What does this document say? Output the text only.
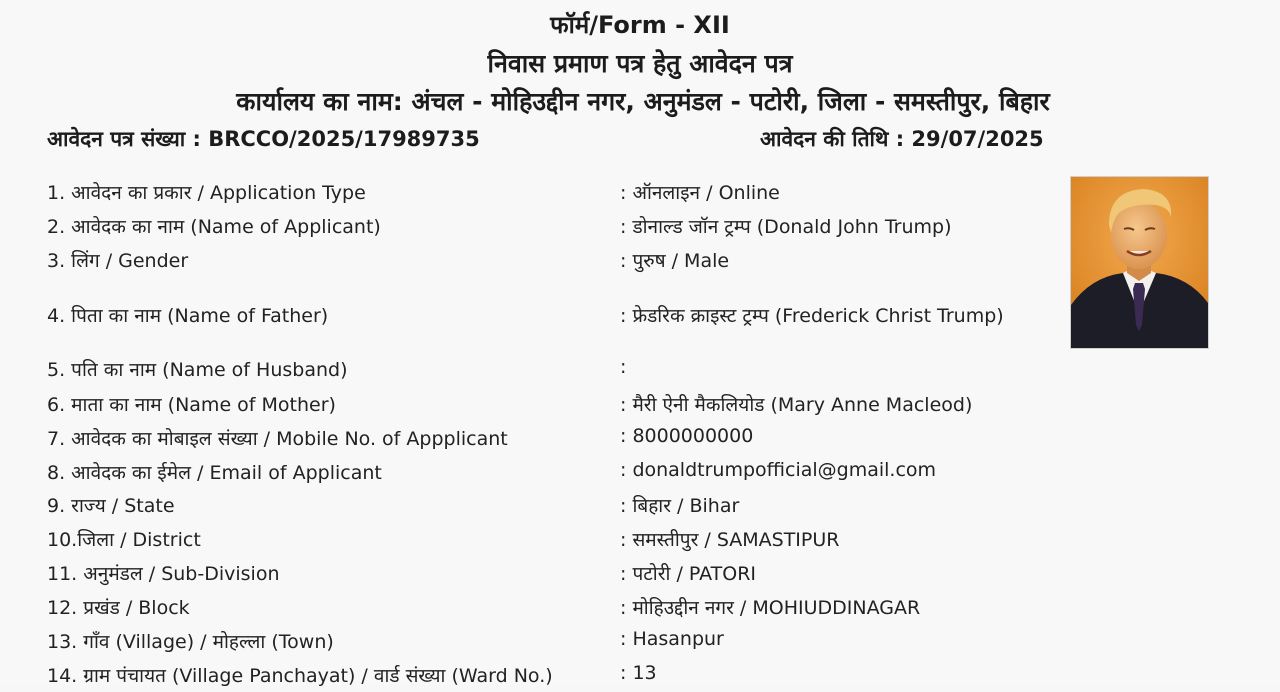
फॉर्म/Form - XII
निवास प्रमाण पत्र हेतु आवेदन पत्र
कार्यालय का नाम: अंचल - मोहिउद्दीन नगर, अनुमंडल - पटोरी, जिला - समस्तीपुर, बिहार
आवेदन पत्र संख्या : BRCCO/2025/17989735	आवेदन की तिथि : 29/07/2025
1. आवेदन का प्रकार / Application Type	: ऑनलाइन / Online
2. आवेदक का नाम (Name of Applicant)	: डोनाल्ड जॉन ट्रम्प (Donald John Trump)
3. लिंग / Gender	: पुरुष / Male
4. पिता का नाम (Name of Father)	: फ्रेडरिक क्राइस्ट ट्रम्प (Frederick Christ Trump)
5. पति का नाम (Name of Husband)	:
6. माता का नाम (Name of Mother)	: मैरी ऐनी मैकलियोड (Mary Anne Macleod)
7. आवेदक का मोबाइल संख्या / Mobile No. of Appplicant	: 8000000000
8. आवेदक का ईमेल / Email of Applicant	: donaldtrumpofficial@gmail.com
9. राज्य / State	: बिहार / Bihar
10.जिला / District	: समस्तीपुर / SAMASTIPUR
11. अनुमंडल / Sub-Division	: पटोरी / PATORI
12. प्रखंड / Block	: मोहिउद्दीन नगर / MOHIUDDINAGAR
13. गाँव (Village) / मोहल्ला (Town)	: Hasanpur
14. ग्राम पंचायत (Village Panchayat) / वार्ड संख्या (Ward No.)	: 13
